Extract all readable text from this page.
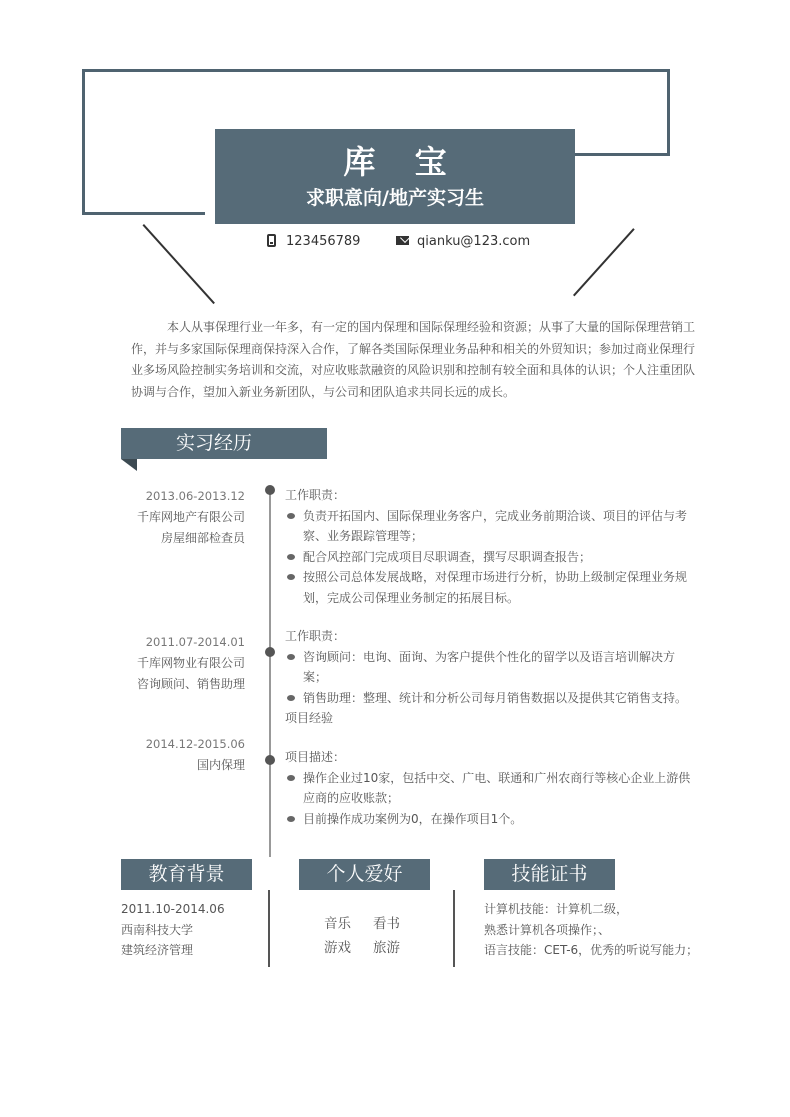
库 宝
求职意向/地产实习生
123456789	qianku@123.com
本人从事保理行业一年多，有一定的国内保理和国际保理经验和资源；从事了大量的国际保理营销工作，并与多家国际保理商保持深入合作，了解各类国际保理业务品种和相关的外贸知识；参加过商业保理行业多场风险控制实务培训和交流，对应收账款融资的风险识别和控制有较全面和具体的认识；个人注重团队协调与合作，望加入新业务新团队，与公司和团队追求共同长远的成长。
实习经历
2013.06-2013.12
千库网地产有限公司
房屋细部检查员
工作职责：
负责开拓国内、国际保理业务客户，完成业务前期洽谈、项目的评估与考察、业务跟踪管理等；
配合风控部门完成项目尽职调查，撰写尽职调查报告；
按照公司总体发展战略，对保理市场进行分析，协助上级制定保理业务规划，完成公司保理业务制定的拓展目标。
2011.07-2014.01
千库网物业有限公司
咨询顾问、销售助理
工作职责：
咨询顾问：电询、面询、为客户提供个性化的留学以及语言培训解决方案；
销售助理：整理、统计和分析公司每月销售数据以及提供其它销售支持。
项目经验
2014.12-2015.06
国内保理
项目描述：
操作企业过10家，包括中交、广电、联通和广州农商行等核心企业上游供应商的应收账款；
目前操作成功案例为0，在操作项目1个。
教育背景	个人爱好	技能证书
2011.10-2014.06
西南科技大学
建筑经济管理
音乐 看书
游戏 旅游
计算机技能：计算机二级，
熟悉计算机各项操作；、
语言技能：CET-6，优秀的听说写能力；
